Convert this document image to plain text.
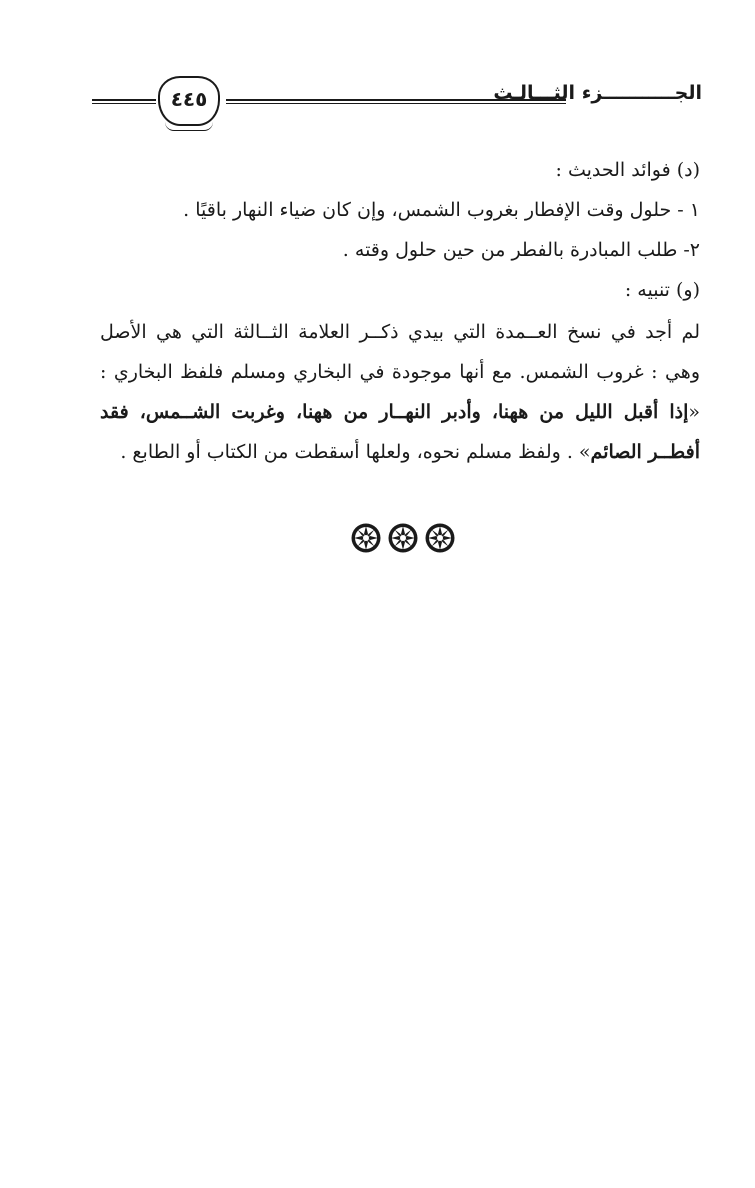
الجـــــــــــزء الثـــالـث
٤٤٥

(د) فوائد الحديث :

١ - حلول وقت الإفطار بغروب الشمس، وإن كان ضياء النهار باقيًا .

٢- طلب المبادرة بالفطر من حين حلول وقته .

(و) تنبيه :

لم أجد في نسخ العــمدة التي بيدي ذكــر العلامة الثــالثة التي هي الأصل وهي : غروب الشمس. مع أنها موجودة في البخاري ومسلم فلفظ البخاري : «إذا أقبل الليل من ههنا، وأدبر النهــار من ههنا، وغربت الشــمس، فقد أفطــر الصائم» . ولفظ مسلم نحوه، ولعلها أسقطت من الكتاب أو الطابع .
